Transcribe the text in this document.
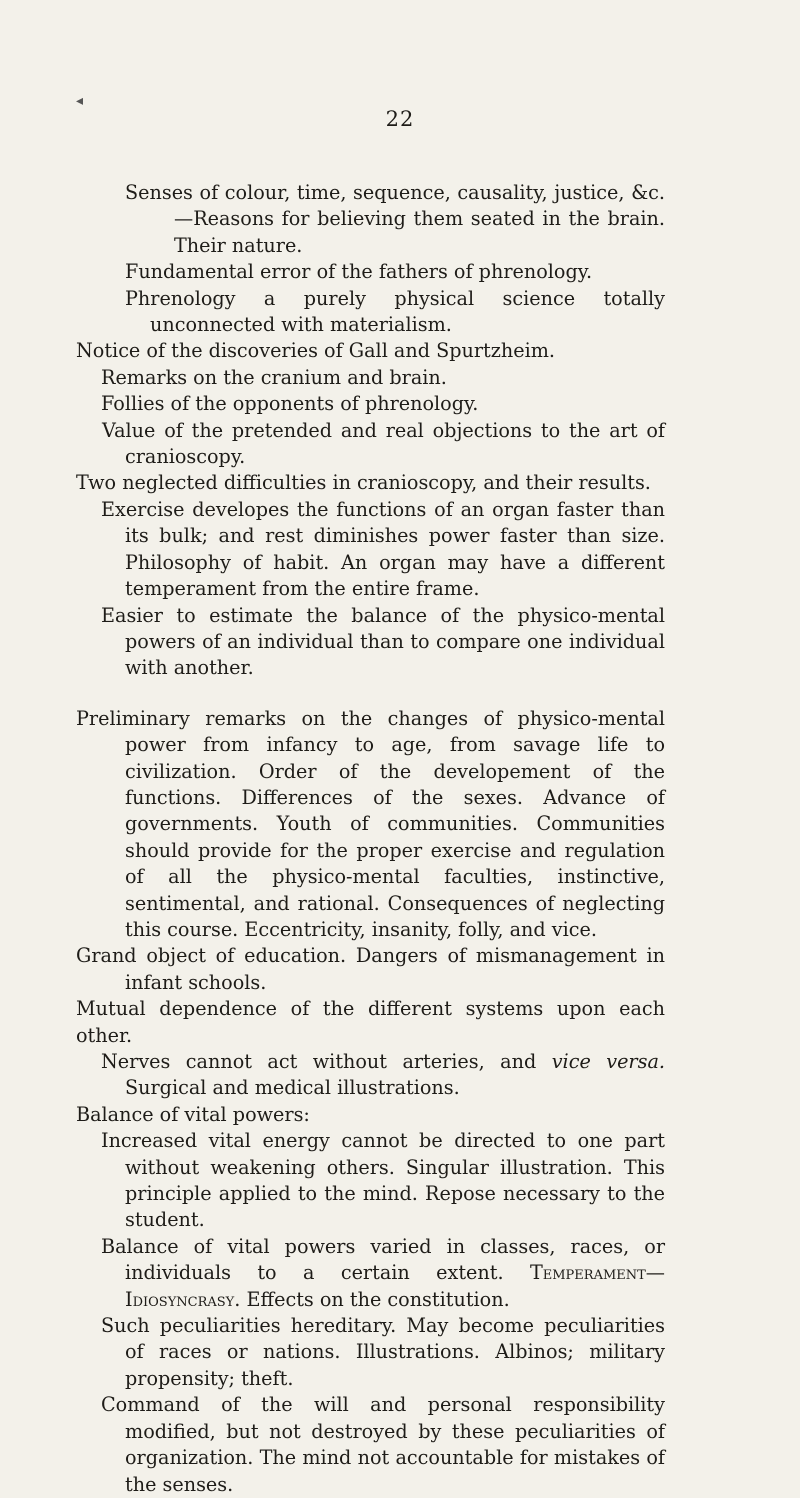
◂
22

Senses of colour, time, sequence, causality, justice, &c.—Reasons for believing them seated in the brain. Their nature.

Fundamental error of the fathers of phrenology.

Phrenology a purely physical science totally unconnected with materialism.

Notice of the discoveries of Gall and Spurtzheim.

Remarks on the cranium and brain.

Follies of the opponents of phrenology.

Value of the pretended and real objections to the art of cranioscopy.

Two neglected difficulties in cranioscopy, and their results.

Exercise developes the functions of an organ faster than its bulk; and rest diminishes power faster than size. Philosophy of habit. An organ may have a different temperament from the entire frame.

Easier to estimate the balance of the physico-mental powers of an individual than to compare one individual with another.

Preliminary remarks on the changes of physico-mental power from infancy to age, from savage life to civilization. Order of the developement of the functions. Differences of the sexes. Advance of governments. Youth of communities. Communities should provide for the proper exercise and regulation of all the physico-mental faculties, instinctive, sentimental, and rational. Consequences of neglecting this course. Eccentricity, insanity, folly, and vice.

Grand object of education. Dangers of mismanagement in infant schools.

Mutual dependence of the different systems upon each other.

Nerves cannot act without arteries, and vice versa. Surgical and medical illustrations.

Balance of vital powers:

Increased vital energy cannot be directed to one part without weakening others. Singular illustration. This principle applied to the mind. Repose necessary to the student.

Balance of vital powers varied in classes, races, or individuals to a certain extent. Temperament—Idiosyncrasy. Effects on the constitution.

Such peculiarities hereditary. May become peculiarities of races or nations. Illustrations. Albinos; military propensity; theft.

Command of the will and personal responsibility modified, but not destroyed by these peculiarities of organization. The mind not accountable for mistakes of the senses.
